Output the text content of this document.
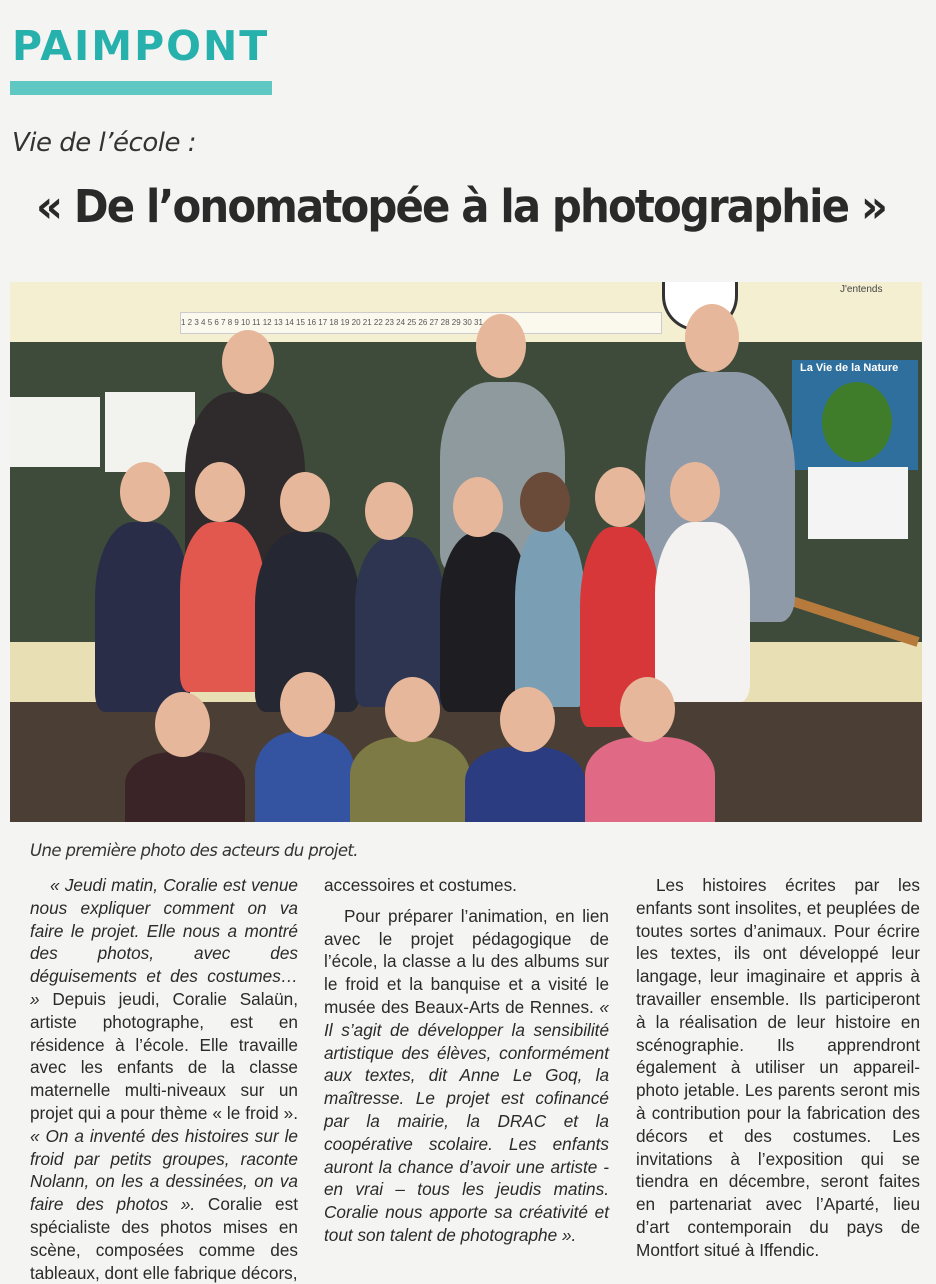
PAIMPONT
Vie de l’école :
« De l’onomatopée à la photographie »
1 2 3 4 5 6 7 8 9 10 11 12 13 14 15 16 17 18 19 20 21 22 23 24 25 26 27 28 29 30 31
J'entends
La Vie de la Nature
Une première photo des acteurs du projet.

« Jeudi matin, Coralie est venue nous expliquer comment on va faire le projet. Elle nous a montré des photos, avec des déguisements et des costumes… » Depuis jeudi, Coralie Salaün, artiste photographe, est en résidence à l’école. Elle travaille avec les enfants de la classe maternelle multi-niveaux sur un projet qui a pour thème « le froid ». « On a inventé des histoires sur le froid par petits groupes, raconte Nolann, on les a dessinées, on va faire des photos ». Coralie est spécialiste des photos mises en scène, composées comme des tableaux, dont elle fabrique décors,

accessoires et costumes.

Pour préparer l’animation, en lien avec le projet pédagogique de l’école, la classe a lu des albums sur le froid et la banquise et a visité le musée des Beaux-Arts de Rennes. « Il s’agit de développer la sensibilité artistique des élèves, conformément aux textes, dit Anne Le Goq, la maîtresse. Le projet est cofinancé par la mairie, la DRAC et la coopérative scolaire. Les enfants auront la chance d’avoir une artiste - en vrai – tous les jeudis matins. Coralie nous apporte sa créativité et tout son talent de photographe ».

Les histoires écrites par les enfants sont insolites, et peuplées de toutes sortes d’animaux. Pour écrire les textes, ils ont développé leur langage, leur imaginaire et appris à travailler ensemble. Ils participeront à la réalisation de leur histoire en scénographie. Ils apprendront également à utiliser un appareil-photo jetable. Les parents seront mis à contribution pour la fabrication des décors et des costumes. Les invitations à l’exposition qui se tiendra en décembre, seront faites en partenariat avec l’Aparté, lieu d’art contemporain du pays de Montfort situé à Iffendic.
